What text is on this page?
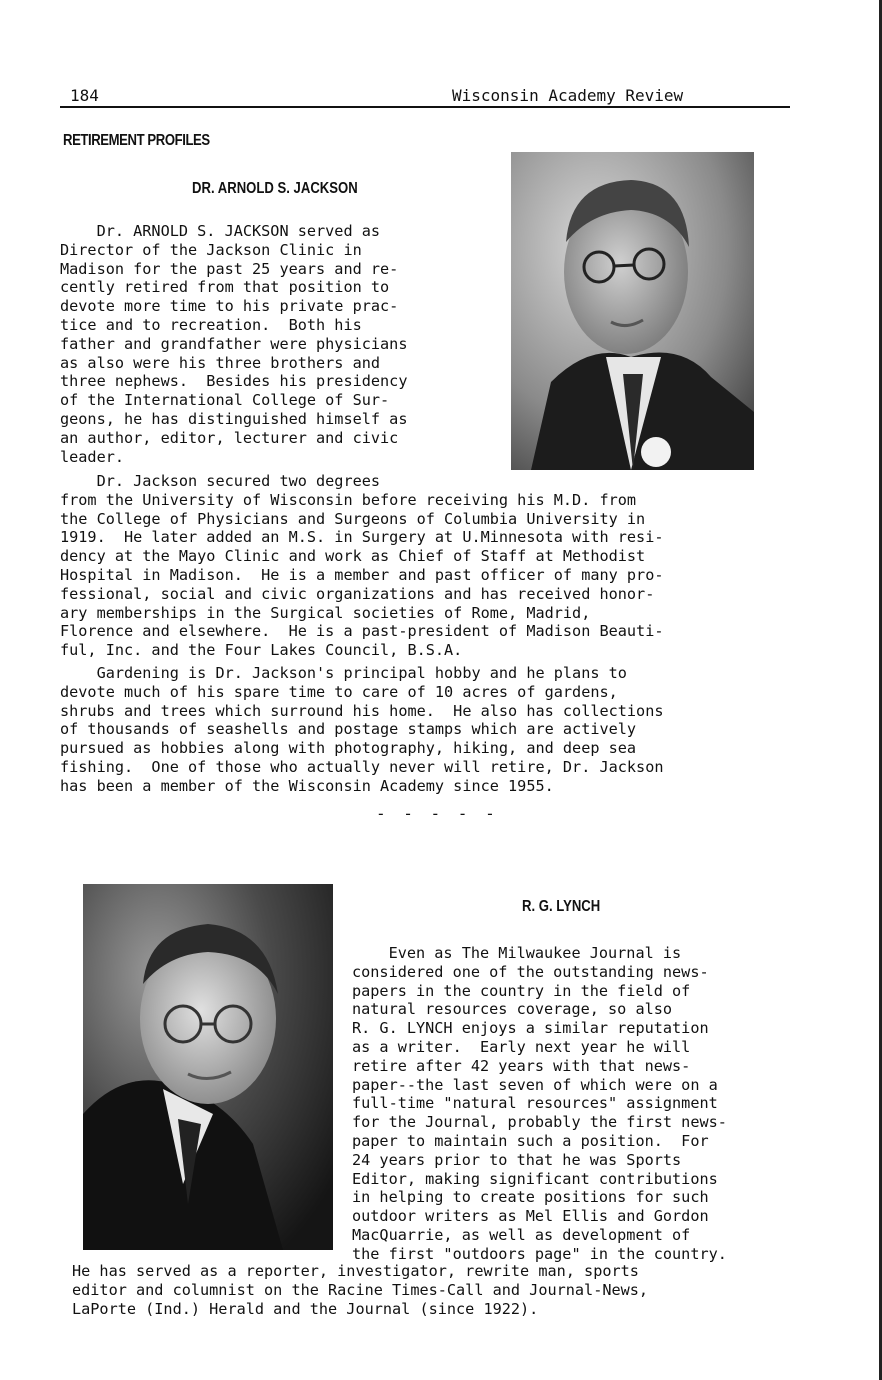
184	Wisconsin Academy Review
RETIREMENT PROFILES
DR. ARNOLD S. JACKSON
Dr. ARNOLD S. JACKSON served as
Director of the Jackson Clinic in
Madison for the past 25 years and re-
cently retired from that position to
devote more time to his private prac-
tice and to recreation.  Both his
father and grandfather were physicians
as also were his three brothers and
three nephews.  Besides his presidency
of the International College of Sur-
geons, he has distinguished himself as
an author, editor, lecturer and civic
leader.
Dr. Jackson secured two degrees
from the University of Wisconsin before receiving his M.D. from
the College of Physicians and Surgeons of Columbia University in
1919.  He later added an M.S. in Surgery at U.Minnesota with resi-
dency at the Mayo Clinic and work as Chief of Staff at Methodist
Hospital in Madison.  He is a member and past officer of many pro-
fessional, social and civic organizations and has received honor-
ary memberships in the Surgical societies of Rome, Madrid,
Florence and elsewhere.  He is a past-president of Madison Beauti-
ful, Inc. and the Four Lakes Council, B.S.A.
Gardening is Dr. Jackson's principal hobby and he plans to
devote much of his spare time to care of 10 acres of gardens,
shrubs and trees which surround his home.  He also has collections
of thousands of seashells and postage stamps which are actively
pursued as hobbies along with photography, hiking, and deep sea
fishing.  One of those who actually never will retire, Dr. Jackson
has been a member of the Wisconsin Academy since 1955.
- - - - -
R. G. LYNCH
Even as The Milwaukee Journal is
considered one of the outstanding news-
papers in the country in the field of
natural resources coverage, so also
R. G. LYNCH enjoys a similar reputation
as a writer.  Early next year he will
retire after 42 years with that news-
paper--the last seven of which were on a
full-time "natural resources" assignment
for the Journal, probably the first news-
paper to maintain such a position.  For
24 years prior to that he was Sports
Editor, making significant contributions
in helping to create positions for such
outdoor writers as Mel Ellis and Gordon
MacQuarrie, as well as development of
the first "outdoors page" in the country.
He has served as a reporter, investigator, rewrite man, sports
editor and columnist on the Racine Times-Call and Journal-News,
LaPorte (Ind.) Herald and the Journal (since 1922).
